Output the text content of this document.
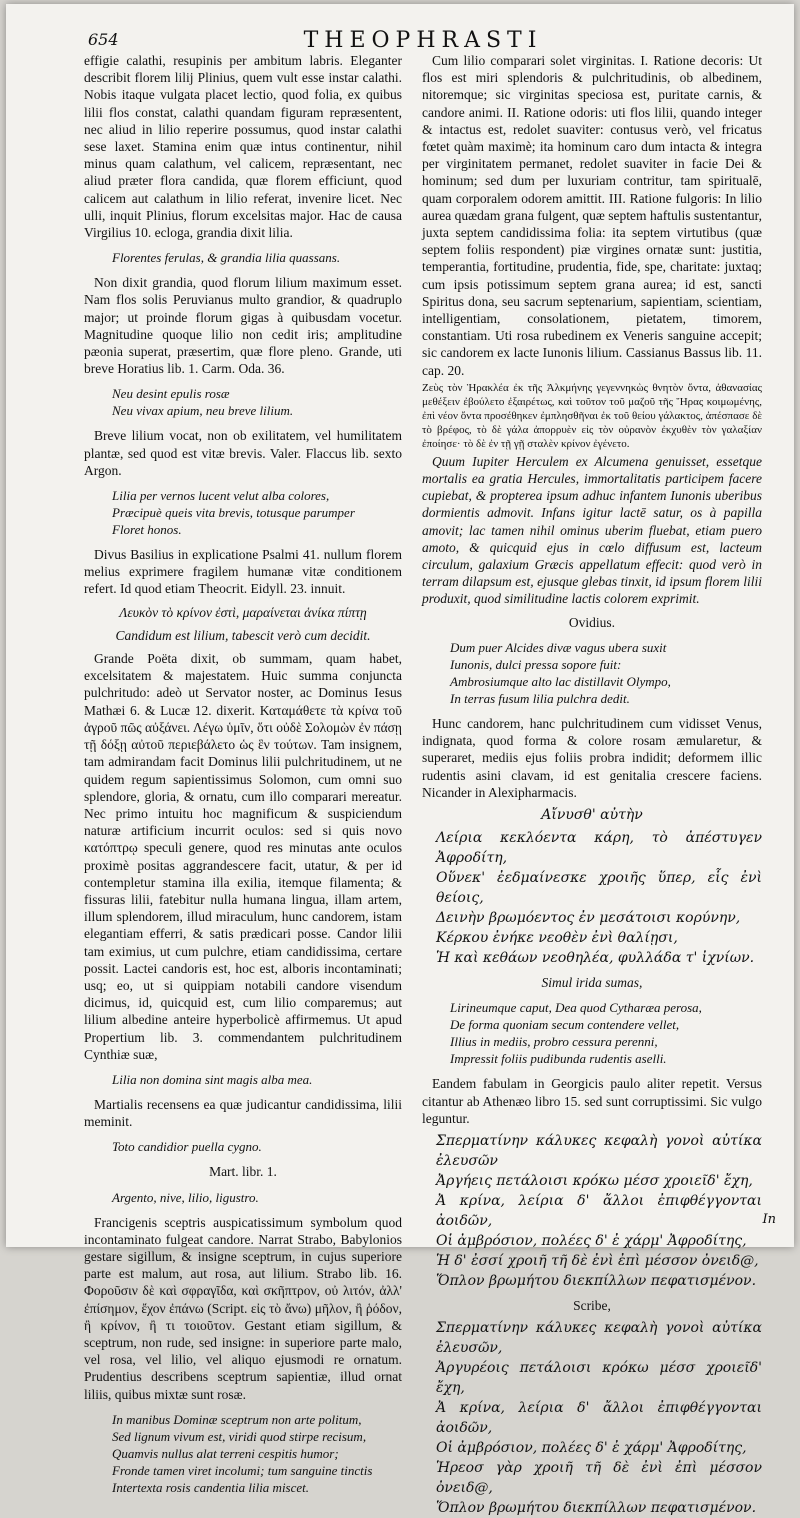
654	THEOPHRASTI

effigie calathi, resupinis per ambitum labris. Eleganter describit florem lilij Plinius, quem vult esse instar calathi. Nobis itaque vulgata placet lectio, quod folia, ex quibus lilii flos constat, calathi quandam figuram repræsentent, nec aliud in lilio reperire possumus, quod instar calathi sese laxet. Stamina enim quæ intus continentur, nihil minus quam calathum, vel calicem, repræsentant, nec aliud præter flora candida, quæ florem efficiunt, quod calicem aut calathum in lilio referat, invenire licet. Nec ulli, inquit Plinius, florum excelsitas major. Hac de causa Virgilius 10. ecloga, grandia dixit lilia.

Florentes ferulas, & grandia lilia quassans.

Non dixit grandia, quod florum lilium maximum esset. Nam flos solis Peruvianus multo grandior, & quadruplo major; ut proinde florum gigas à quibusdam vocetur. Magnitudine quoque lilio non cedit iris; amplitudine pæonia superat, præsertim, quæ flore pleno. Grande, uti breve Horatius lib. 1. Carm. Oda. 36.

Neu desint epulis rosæ
Neu vivax apium, neu breve lilium.

Breve lilium vocat, non ob exilitatem, vel humilitatem plantæ, sed quod est vitæ brevis. Valer. Flaccus lib. sexto Argon.

Lilia per vernos lucent velut alba colores,
Præcipuè queis vita brevis, totusque parumper
Floret honos.

Divus Basilius in explicatione Psalmi 41. nullum florem melius exprimere fragilem humanæ vitæ conditionem refert. Id quod etiam Theocrit. Eidyll. 23. innuit.

Λευκὸν τὸ κρίνον ἐστὶ, μαραίνεται ἁνίκα πίπτῃ
Candidum est lilium, tabescit verò cum decidit.

Grande Poëta dixit, ob summam, quam habet, excelsitatem & majestatem. Huic summa conjuncta pulchritudo: adeò ut Servator noster, ac Dominus Iesus Mathæi 6. & Lucæ 12. dixerit. Καταμάθετε τὰ κρίνα τοῦ ἀγροῦ πῶς αὐξάνει. Λέγω ὑμῖν, ὅτι οὐδὲ Σολομὼν ἐν πάσῃ τῇ δόξῃ αὐτοῦ περιεβάλετο ὡς ἓν τούτων. Tam insignem, tam admirandam facit Dominus lilii pulchritudinem, ut ne quidem regum sapientissimus Solomon, cum omni suo splendore, gloria, & ornatu, cum illo comparari mereatur. Nec primo intuitu hoc magnificum & suspiciendum naturæ artificium incurrit oculos: sed si quis novo κατόπτρῳ speculi genere, quod res minutas ante oculos proximè positas aggrandescere facit, utatur, & per id contempletur stamina illa exilia, itemque filamenta; & fissuras lilii, fatebitur nulla humana lingua, illam artem, illum splendorem, illud miraculum, hunc candorem, istam elegantiam efferri, & satis prædicari posse. Candor lilii tam eximius, ut cum pulchre, etiam candidissima, certare possit. Lactei candoris est, hoc est, alboris incontaminati; usq; eo, ut si quippiam notabili candore visendum dicimus, id, quicquid est, cum lilio comparemus; aut lilium albedine anteire hyperbolicè affirmemus. Ut apud Propertium lib. 3. commendantem pulchritudinem Cynthiæ suæ,

Lilia non domina sint magis alba mea.

Martialis recensens ea quæ judicantur candidissima, lilii meminit.

Toto candidior puella cygno.
Mart. libr. 1.
Argento, nive, lilio, ligustro.

Francigenis sceptris auspicatissimum symbolum quod incontaminato fulgeat candore. Narrat Strabo, Babylonios gestare sigillum, & insigne sceptrum, in cujus superiore parte est malum, aut rosa, aut lilium. Strabo lib. 16. Φοροῦσιν δὲ καὶ σφραγῖδα, καὶ σκῆπτρον, οὐ λιτόν, ἀλλ' ἐπίσημον, ἔχον ἐπάνω (Script. εἰς τὸ ἄνω) μῆλον, ἢ ῥόδον, ἢ κρίνον, ἢ τι τοιοῦτον. Gestant etiam sigillum, & sceptrum, non rude, sed insigne: in superiore parte malo, vel rosa, vel lilio, vel aliquo ejusmodi re ornatum. Prudentius describens sceptrum sapientiæ, illud ornat liliis, quibus mixtæ sunt rosæ.

In manibus Dominæ sceptrum non arte politum,
Sed lignum vivum est, viridi quod stirpe recisum,
Quamvis nullus alat terreni cespitis humor;
Fronde tamen viret incolumi; tum sanguine tinctis
Intertexta rosis candentia lilia miscet.

Cum lilio comparari solet virginitas. I. Ratione decoris: Ut flos est miri splendoris & pulchritudinis, ob albedinem, nitoremque; sic virginitas speciosa est, puritate carnis, & candore animi. II. Ratione odoris: uti flos lilii, quando integer & intactus est, redolet suaviter: contusus verò, vel fricatus fœtet quàm maximè; ita hominum caro dum intacta & integra per virginitatem permanet, redolet suaviter in facie Dei & hominum; sed dum per luxuriam contritur, tam spiritualē, quam corporalem odorem amittit. III. Ratione fulgoris: In lilio aurea quædam grana fulgent, quæ septem haftulis sustentantur, juxta septem candidissima folia: ita septem virtutibus (quæ septem foliis respondent) piæ virgines ornatæ sunt: justitia, temperantia, fortitudine, prudentia, fide, spe, charitate: juxtaq; cum ipsis potissimum septem grana aurea; id est, sancti Spiritus dona, seu sacrum septenarium, sapientiam, scientiam, intelligentiam, consolationem, pietatem, timorem, constantiam. Uti rosa rubedinem ex Veneris sanguine accepit; sic candorem ex lacte Iunonis lilium. Cassianus Bassus lib. 11. cap. 20.

Ζεὺς τὸν Ἡρακλέα ἐκ τῆς Ἀλκμήνης γεγεννηκὼς θνητὸν ὄντα, ἀθανασίας μεθέξειν ἐβούλετο ἐξαιρέτως, καὶ τοῦτον τοῦ μαζοῦ τῆς Ἥρας κοιμωμένης, ἐπὶ νέον ὄντα προσέθηκεν ἐμπλησθῆναι ἐκ τοῦ θείου γάλακτος, ἀπέσπασε δὲ τὸ βρέφος, τὸ δὲ γάλα ἀπορρυὲν εἰς τὸν οὐρανὸν ἐκχυθὲν τὸν γαλαξίαν ἐποίησε· τὸ δὲ ἐν τῇ γῇ σταλὲν κρίνον ἐγένετο.

Quum Iupiter Herculem ex Alcumena genuisset, essetque mortalis ea gratia Hercules, immortalitatis participem facere cupiebat, & propterea ipsum adhuc infantem Iunonis uberibus dormientis admovit. Infans igitur lactē satur, os à papilla amovit; lac tamen nihil ominus uberim fluebat, etiam puero amoto, & quicquid ejus in cœlo diffusum est, lacteum circulum, galaxium Græcis appellatum effecit: quod verò in terram dilapsum est, ejusque glebas tinxit, id ipsum florem lilii produxit, quod similitudine lactis colorem exprimit.

Ovidius.
Dum puer Alcides divæ vagus ubera suxit
Iunonis, dulci pressa sopore fuit:
Ambrosiumque alto lac distillavit Olympo,
In terras fusum lilia pulchra dedit.

Hunc candorem, hanc pulchritudinem cum vidisset Venus, indignata, quod forma & colore rosam æmularetur, & superaret, mediis ejus foliis probra indidit; deformem illic rudentis asini clavam, id est genitalia crescere faciens. Nicander in Alexipharmacis.

Αἴνυσθ' αὐτὴν
Λείρια κεκλόεντα κάρη, τὸ ἀπέστυγεν Ἀφροδίτη,
Οὕνεκ' ἐεδμαίνεσκε χροιῆς ὕπερ, εἷς ἐνὶ θείοις,
Δεινὴν βρωμόεντος ἐν μεσάτοισι κορύνην,
Κέρκου ἐνήκε νεοθὲν ἐνὶ θαλίῃσι,
Ἡ καὶ κεθάων νεοθηλέα, φυλλάδα τ' ἰχνίων.
Simul irida sumas,
Lirineumque caput, Dea quod Cytharæa perosa,
De forma quoniam secum contendere vellet,
Illius in mediis, probro cessura perenni,
Impressit foliis pudibunda rudentis aselli.

Eandem fabulam in Georgicis paulo aliter repetit. Versus citantur ab Athenæo libro 15. sed sunt corruptissimi. Sic vulgo leguntur.

Σπερματίνην κάλυκες κεφαλὴ γονοὶ αὐτίκα ἐλευσῶν
Ἀργήεις πετάλοισι κρόκω μέσσ χροιεῖδ' ἔχη,
Ἀ κρίνα, λείρια δ' ἄλλοι ἐπιφθέγγονται ἀοιδῶν,
Οἱ ἀμβρόσιον, πολέες δ' ἐ χάρμ' Ἀφροδίτης,
Ἡ δ' ἐσσί χροιῆ τῆ δὲ ἐνὶ ἐπὶ μέσσον ὀνειδ@,
Ὅπλον βρωμήτου διεκπίλλων πεφατισμένον.
Scribe,
Σπερματίνην κάλυκες κεφαλὴ γονοὶ αὐτίκα ἐλευσῶν,
Ἀργυρέοις πετάλοισι κρόκω μέσσ χροιεῖδ' ἔχη,
Ἀ κρίνα, λείρια δ' ἄλλοι ἐπιφθέγγονται ἀοιδῶν,
Οἱ ἀμβρόσιον, πολέες δ' ἐ χάρμ' Ἀφροδίτης,
Ἡρεοσ γὰρ χροιῆ τῆ δὲ ἐνὶ ἐπὶ μέσσον ὀνειδ@,
Ὅπλον βρωμήτου διεκπίλλων πεφατισμένον.
In
